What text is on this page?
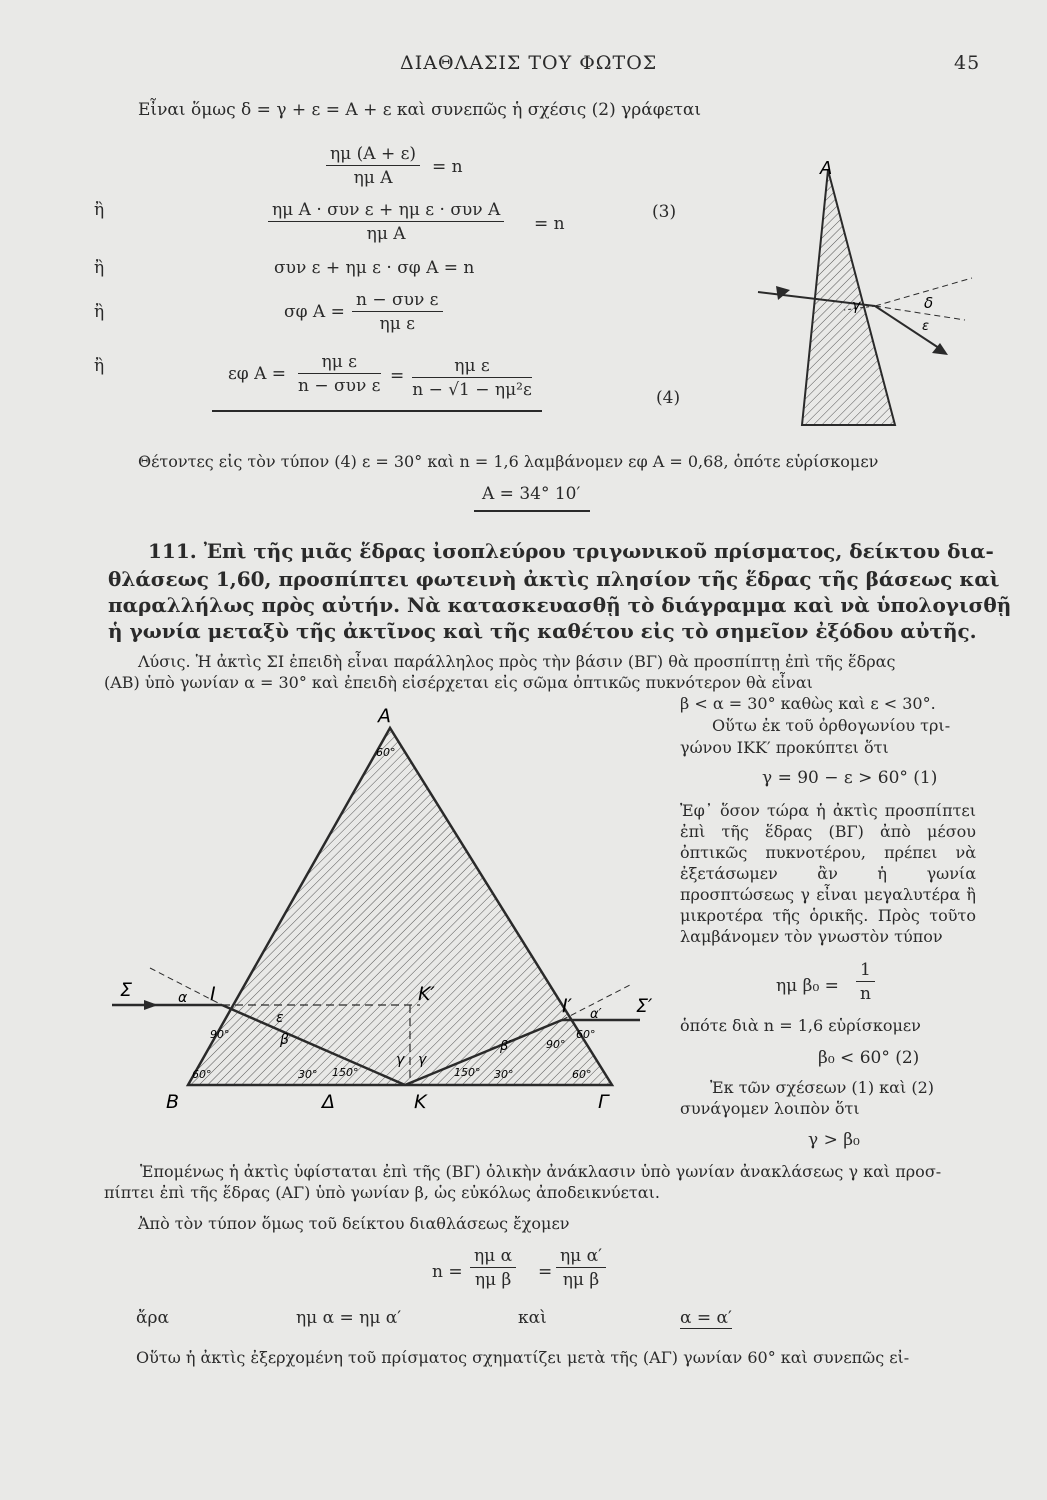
ΔΙΑΘΛΑΣΙΣ ΤΟΥ ΦΩΤΟΣ	45
Εἶναι ὅμως δ = γ + ε = Α + ε καὶ συνεπῶς ἡ σχέσις (2) γράφεται
$\frac{\eta\mu (A + \varepsilon)}{\text{ημ Α}} = n$
ἢ	ημ Α · συν ε + ημ ε · συν Α
ημ Α	= n
(3)
ἢ	συν ε + ημ ε · σφ Α = n
ἢ	σφ Α =
n − συν ε
ημ ε
ἢ	εφ Α =
ημ ε
n − συν $\varepsilon = \frac{\text{ημ ε}}{\text{n − √1 − ημ²ε}}$	(4)
Θέτοντες εἰς τὸν τύπον (4) ε = 30° καὶ n = 1,6 λαμβάνομεν εφ Α = 0,68, ὁπότε εὑρίσκομεν
Α = 34° 10′
Α
γ	δ
ε
111. Ἐπὶ τῆς μιᾶς ἕδρας ἰσοπλεύρου τριγωνικοῦ πρίσματος, δείκτου δια-
θλάσεως 1,60, προσπίπτει φωτεινὴ ἀκτὶς πλησίον τῆς ἕδρας τῆς βάσεως καὶ
παραλλήλως πρὸς αὐτήν. Νὰ κατασκευασθῇ τὸ διάγραμμα καὶ νὰ ὑπολογισθῇ
ἡ γωνία μεταξὺ τῆς ἀκτῖνος καὶ τῆς καθέτου εἰς τὸ σημεῖον ἐξόδου αὐτῆς.
Λύσις. Ἡ ἀκτὶς ΣΙ ἐπειδὴ εἶναι παράλληλος πρὸς τὴν βάσιν (ΒΓ) θὰ προσπίπτῃ ἐπὶ τῆς ἕδρας
(ΑΒ) ὑπὸ γωνίαν α = 30° καὶ ἐπειδὴ εἰσέρχεται εἰς σῶμα ὀπτικῶς πυκνότερον θὰ εἶναι
β < α = 30° καθὼς καὶ ε < 30°.
Οὕτω ἐκ τοῦ ὀρθογωνίου τρι-
γώνου ΙΚΚ′ προκύπτει ὅτι
γ = 90 − ε > 60° (1)
Ἐφ᾽ ὅσον τώρα ἡ ἀκτὶς προσπίπτει ἐπὶ τῆς ἕδρας (ΒΓ) ἀπὸ μέσου ὀπτικῶς πυκνοτέρου, πρέπει νὰ ἐξετάσωμεν ἂν ἡ γωνία προσπτώσεως γ εἶναι μεγαλυτέρα ἢ μικροτέρα τῆς ὁρικῆς. Πρὸς τοῦτο λαμβάνομεν τὸν γνωστὸν τύπον
ημ $\beta_0 = \frac{1}{n}$
ὁπότε διὰ n = 1,6 εὑρίσκομεν
β₀ < 60° (2)
Ἐκ τῶν σχέσεων (1) καὶ (2)
συνάγομεν λοιπὸν ὅτι
γ > β₀
Α
Β	Γ
Δ	Κ
Κ′
Ι
Ι′
Σ
Σ′
α
α′
ε
β	β′
γ γ
60°
60°	60°
90°
90°
60°
30° 150°	150° 30°
Ἑπομένως ἡ ἀκτὶς ὑφίσταται ἐπὶ τῆς (ΒΓ) ὁλικὴν ἀνάκλασιν ὑπὸ γωνίαν ἀνακλάσεως γ καὶ προσ-
πίπτει ἐπὶ τῆς ἕδρας (ΑΓ) ὑπὸ γωνίαν β, ὡς εὐκόλως ἀποδεικνύεται.
Ἀπὸ τὸν τύπον ὅμως τοῦ δείκτου διαθλάσεως ἔχομεν
$n = \frac{\text{ημ α}}{\text{ημ β}} = \frac{\text{ημ α′}}{\text{ημ β}}$
ἄρα	ημ α = ημ α′	καὶ	α = α′
Οὕτω ἡ ἀκτὶς ἐξερχομένη τοῦ πρίσματος σχηματίζει μετὰ τῆς (ΑΓ) γωνίαν 60° καὶ συνεπῶς εἰ-
